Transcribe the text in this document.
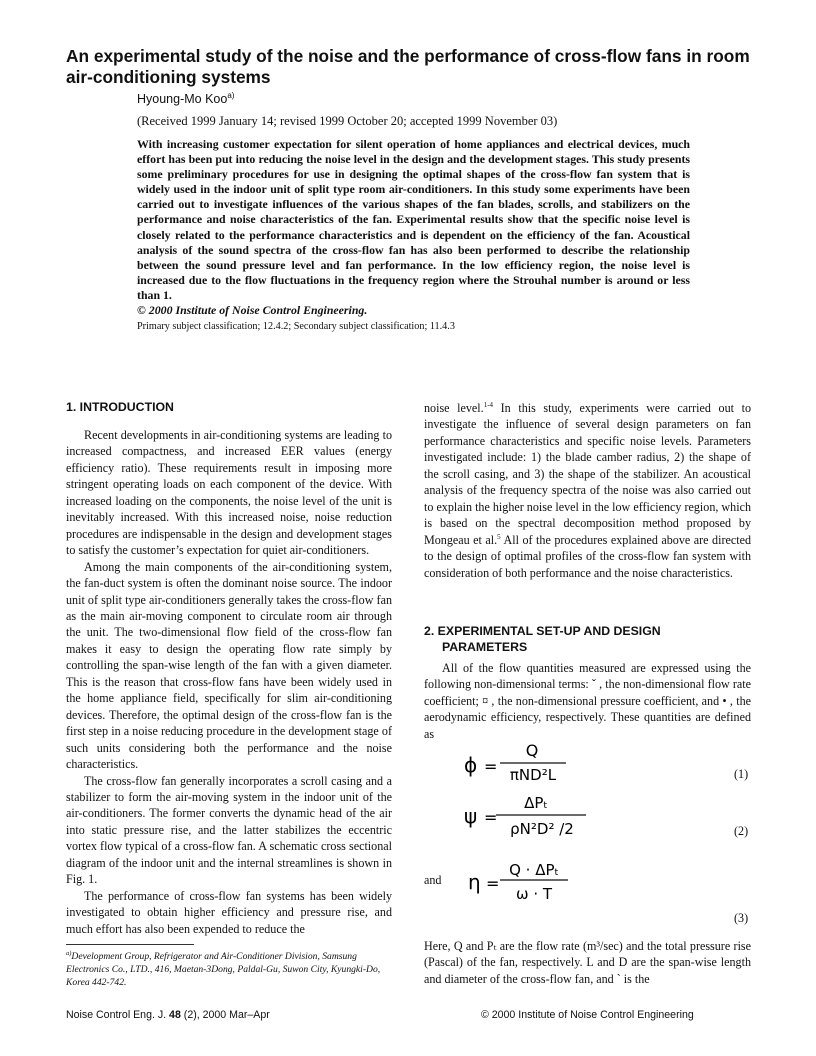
An experimental study of the noise and the performance of cross-flow fans in room air-conditioning systems
Hyoung-Mo Koo$^{a)}$
(Received 1999 January 14; revised 1999 October 20; accepted 1999 November 03)
With increasing customer expectation for silent operation of home appliances and electrical devices, much effort has been put into reducing the noise level in the design and the development stages. This study presents some preliminary procedures for use in designing the optimal shapes of the cross-flow fan system that is widely used in the indoor unit of split type room air-conditioners. In this study some experiments have been carried out to investigate influences of the various shapes of the fan blades, scrolls, and stabilizers on the performance and noise characteristics of the fan. Experimental results show that the specific noise level is closely related to the performance characteristics and is dependent on the efficiency of the fan. Acoustical analysis of the sound spectra of the cross-flow fan has also been performed to describe the relationship between the sound pressure level and fan performance. In the low efficiency region, the noise level is increased due to the flow fluctuations in the frequency region where the Strouhal number is around or less than 1.
© 2000 Institute of Noise Control Engineering.
Primary subject classification; 12.4.2; Secondary subject classification; 11.4.3
1. INTRODUCTION

Recent developments in air-conditioning systems are leading to increased compactness, and increased EER values (energy efficiency ratio). These requirements result in imposing more stringent operating loads on each component of the device. With increased loading on the components, the noise level of the unit is inevitably increased. With this increased noise, noise reduction procedures are indispensable in the design and development stages to satisfy the customer’s expectation for quiet air-conditioners.

Among the main components of the air-conditioning system, the fan-duct system is often the dominant noise source. The indoor unit of split type air-conditioners generally takes the cross-flow fan as the main air-moving component to circulate room air through the unit. The two-dimensional flow field of the cross-flow fan makes it easy to design the operating flow rate simply by controlling the span-wise length of the fan with a given diameter. This is the reason that cross-flow fans have been widely used in the home appliance field, specifically for slim air-conditioning devices. Therefore, the optimal design of the cross-flow fan is the first step in a noise reducing procedure in the development stage of such units considering both the performance and the noise characteristics.

The cross-flow fan generally incorporates a scroll casing and a stabilizer to form the air-moving system in the indoor unit of the air-conditioners. The former converts the dynamic head of the air into static pressure rise, and the latter stabilizes the eccentric vortex flow typical of a cross-flow fan. A schematic cross sectional diagram of the indoor unit and the internal streamlines is shown in Fig. 1.

The performance of cross-flow fan systems has been widely investigated to obtain higher efficiency and pressure rise, and much effort has also been expended to reduce the

noise level.$^{1-4}$ In this study, experiments were carried out to investigate the influence of several design parameters on fan performance characteristics and specific noise levels. Parameters investigated include: 1) the blade camber radius, 2) the shape of the scroll casing, and 3) the shape of the stabilizer. An acoustical analysis of the frequency spectra of the noise was also carried out to explain the higher noise level in the low efficiency region, which is based on the spectral decomposition method proposed by Mongeau et al.$^5$ All of the procedures explained above are directed to the design of optimal profiles of the cross-flow fan system with consideration of both performance and the noise characteristics.

2. EXPERIMENTAL SET-UP AND DESIGN
PARAMETERS

All of the flow quantities measured are expressed using the following non-dimensional terms: ˇ , the non-dimensional flow rate coefficient; ¤ , the non-dimensional pressure coefficient, and • , the aerodynamic efficiency, respectively. These quantities are defined as

ϕ =
Q
πND²L	(1)
ψ =
ΔPₜ
ρN²D² /2	(2)
and η =
Q · ΔPₜ
ω · T
(3)

Here, Q and Pₜ are the flow rate (m³/sec) and the total pressure rise (Pascal) of the fan, respectively. L and D are the span-wise length and diameter of the cross-flow fan, and ` is the

$^{a)}$Development Group, Refrigerator and Air-Conditioner Division, Samsung Electronics Co., LTD., 416, Maetan-3Dong, Paldal-Gu, Suwon City, Kyungki-Do, Korea 442-742.

Noise Control Eng. J. 48 (2), 2000 Mar–Apr	© 2000 Institute of Noise Control Engineering
